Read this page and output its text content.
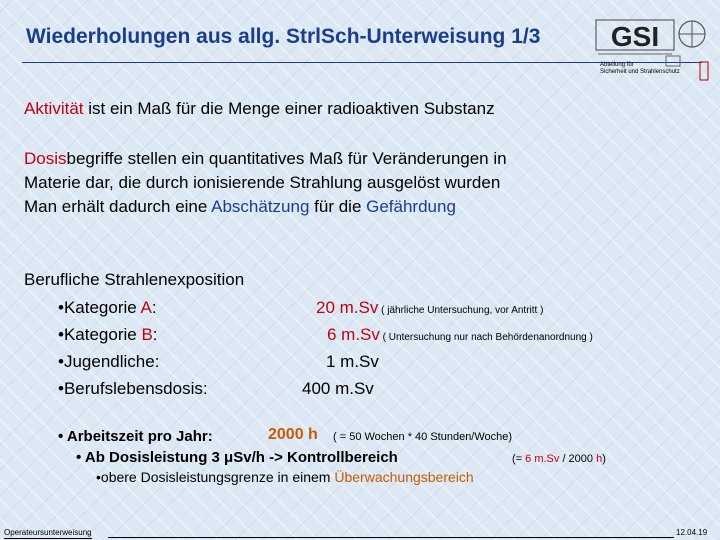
Wiederholungen aus allg. StrlSch-Unterweisung 1/3	GSI
Abteilung für
Sicherheit und Strahlenschutz
Aktivität ist ein Maß für die Menge einer radioaktiven Substanz
Dosisbegriffe stellen ein quantitatives Maß für Veränderungen in
Materie dar, die durch ionisierende Strahlung ausgelöst wurden
Man erhält dadurch eine Abschätzung für die Gefährdung
Berufliche Strahlenexposition
•Kategorie A:	20 m.Sv ( jährliche Untersuchung, vor Antritt )
•Kategorie B:	6 m.Sv ( Untersuchung nur nach Behördenanordnung )
•Jugendliche:	1 m.Sv
•Berufslebensdosis:	400 m.Sv
• Arbeitszeit pro Jahr:	2000 h ( = 50 Wochen * 40 Stunden/Woche)
• Ab Dosisleistung 3 μSv/h -> Kontrollbereich	(= 6 m.Sv / 2000 h)
•obere Dosisleistungsgrenze in einem Überwachungsbereich
Operateursunterweisung	12.04.19
